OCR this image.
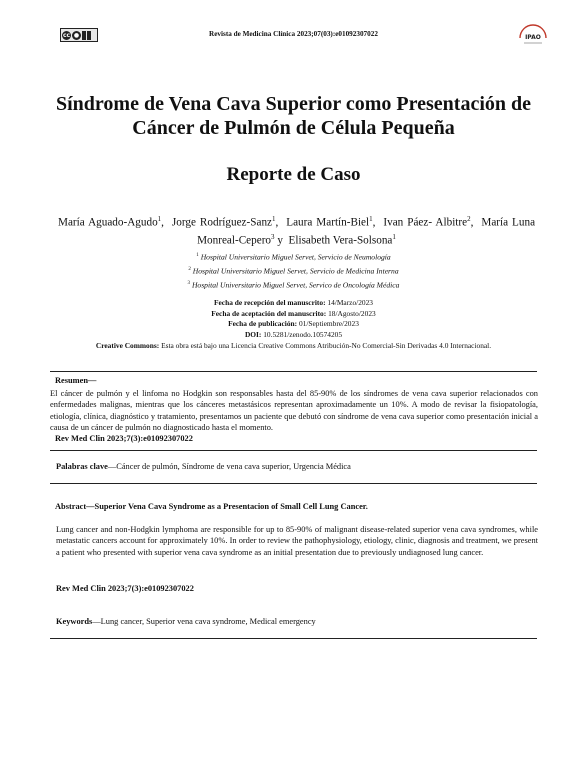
cc ●	Revista de Medicina Clínica 2023;07(03):e01092307022	IPAO
Síndrome de Vena Cava Superior como Presentación de Cáncer de Pulmón de Célula Pequeña
Reporte de Caso
María Aguado-Agudo$^1$,  Jorge Rodríguez-Sanz$^1$,  Laura Martín-Biel$^1$,  Ivan Páez- Albitre$^2$,  María Luna Monreal-Cepero$^3$ y Elisabeth Vera-Solsona$^1$
$^1$ Hospital Universitario Miguel Servet, Servicio de Neumología
$^2$ Hospital Universitario Miguel Servet, Servicio de Medicina Interna
$^3$ Hospital Universitario Miguel Servet, Servico de Oncología Médica
Fecha de recepción del manuscrito: 14/Marzo/2023
Fecha de aceptación del manuscrito: 18/Agosto/2023
Fecha de publicación: 01/Septiembre/2023
DOI: 10.5281/zenodo.10574205
Creative Commons: Esta obra está bajo una Licencia Creative Commons Atribución-No Comercial-Sin Derivadas 4.0 Internacional.
Resumen—
El cáncer de pulmón y el linfoma no Hodgkin son responsables hasta del 85-90% de los síndromes de vena cava superior relacionados con enfermedades malignas, mientras que los cánceres metastásicos representan aproximadamente un 10%. A modo de revisar la fisiopatología, etiología, clínica, diagnóstico y tratamiento, presentamos un paciente que debutó con síndrome de vena cava superior como presentación inicial a causa de un cáncer de pulmón no diagnosticado hasta el momento.
Rev Med Clin 2023;7(3):e01092307022
Palabras clave—Cáncer de pulmón, Síndrome de vena cava superior, Urgencia Médica
Abstract—Superior Vena Cava Syndrome as a Presentacion of Small Cell Lung Cancer.
Lung cancer and non-Hodgkin lymphoma are responsible for up to 85-90% of malignant disease-related superior vena cava syndromes, while metastatic cancers account for approximately 10%. In order to review the pathophysiology, etiology, clinic, diagnosis and treatment, we present a patient who presented with superior vena cava syndrome as an initial presentation due to previously undiagnosed lung cancer.
Rev Med Clin 2023;7(3):e01092307022
Keywords—Lung cancer, Superior vena cava syndrome, Medical emergency
